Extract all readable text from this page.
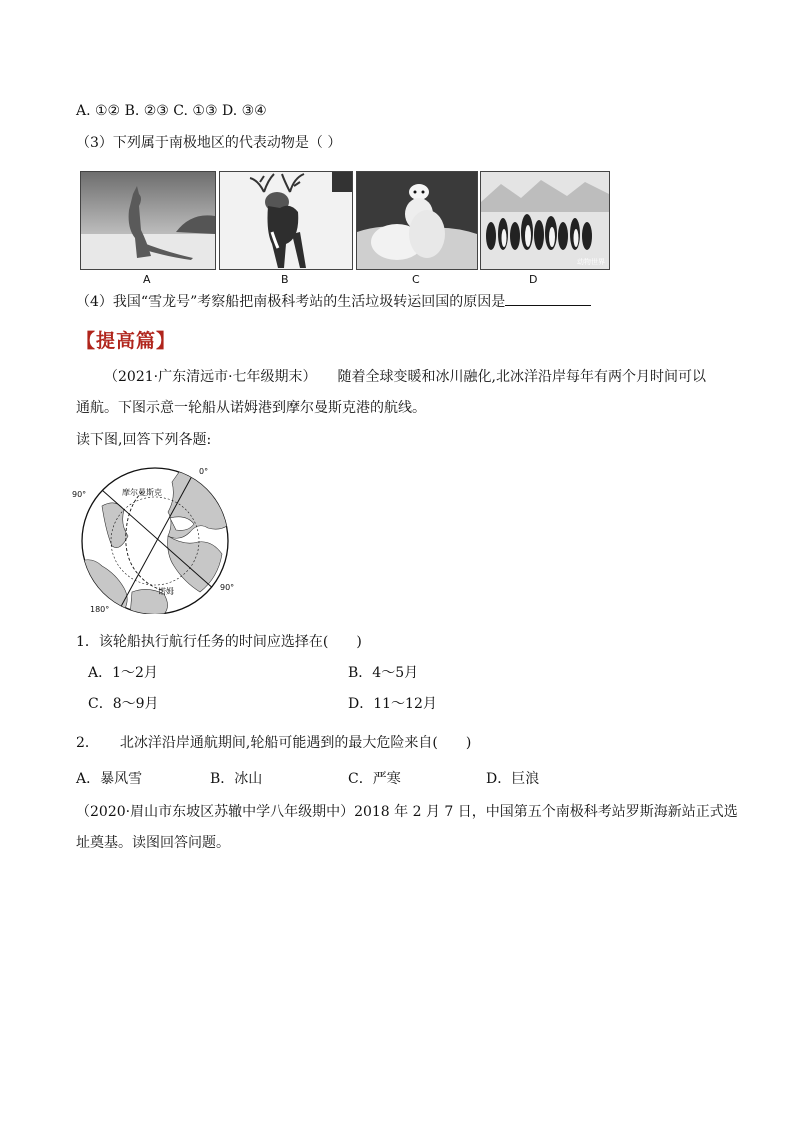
A. ①② B. ②③ C. ①③ D. ③④
（3）下列属于南极地区的代表动物是（ ）
动物世界
A	B	C	D
（4）我国“雪龙号”考察船把南极科考站的生活垃圾转运回国的原因是
【提高篇】
（2021·广东清远市·七年级期末）　　随着全球变暖和冰川融化,北冰洋沿岸每年有两个月时间可以
通航。下图示意一轮船从诺姆港到摩尔曼斯克港的航线。
读下图,回答下列各题:
0°
90°
90°
180°
摩尔曼斯克
诺姆
1．该轮船执行航行任务的时间应选择在(　　)
A．1～2月	B．4～5月
C．8～9月	D．11～12月
2．　　北冰洋沿岸通航期间,轮船可能遇到的最大危险来自(　　)
A．暴风雪	B．冰山	C．严寒	D．巨浪
（2020·眉山市东坡区苏辙中学八年级期中）2018 年 2 月 7 日，中国第五个南极科考站罗斯海新站正式选
址奠基。读图回答问题。
